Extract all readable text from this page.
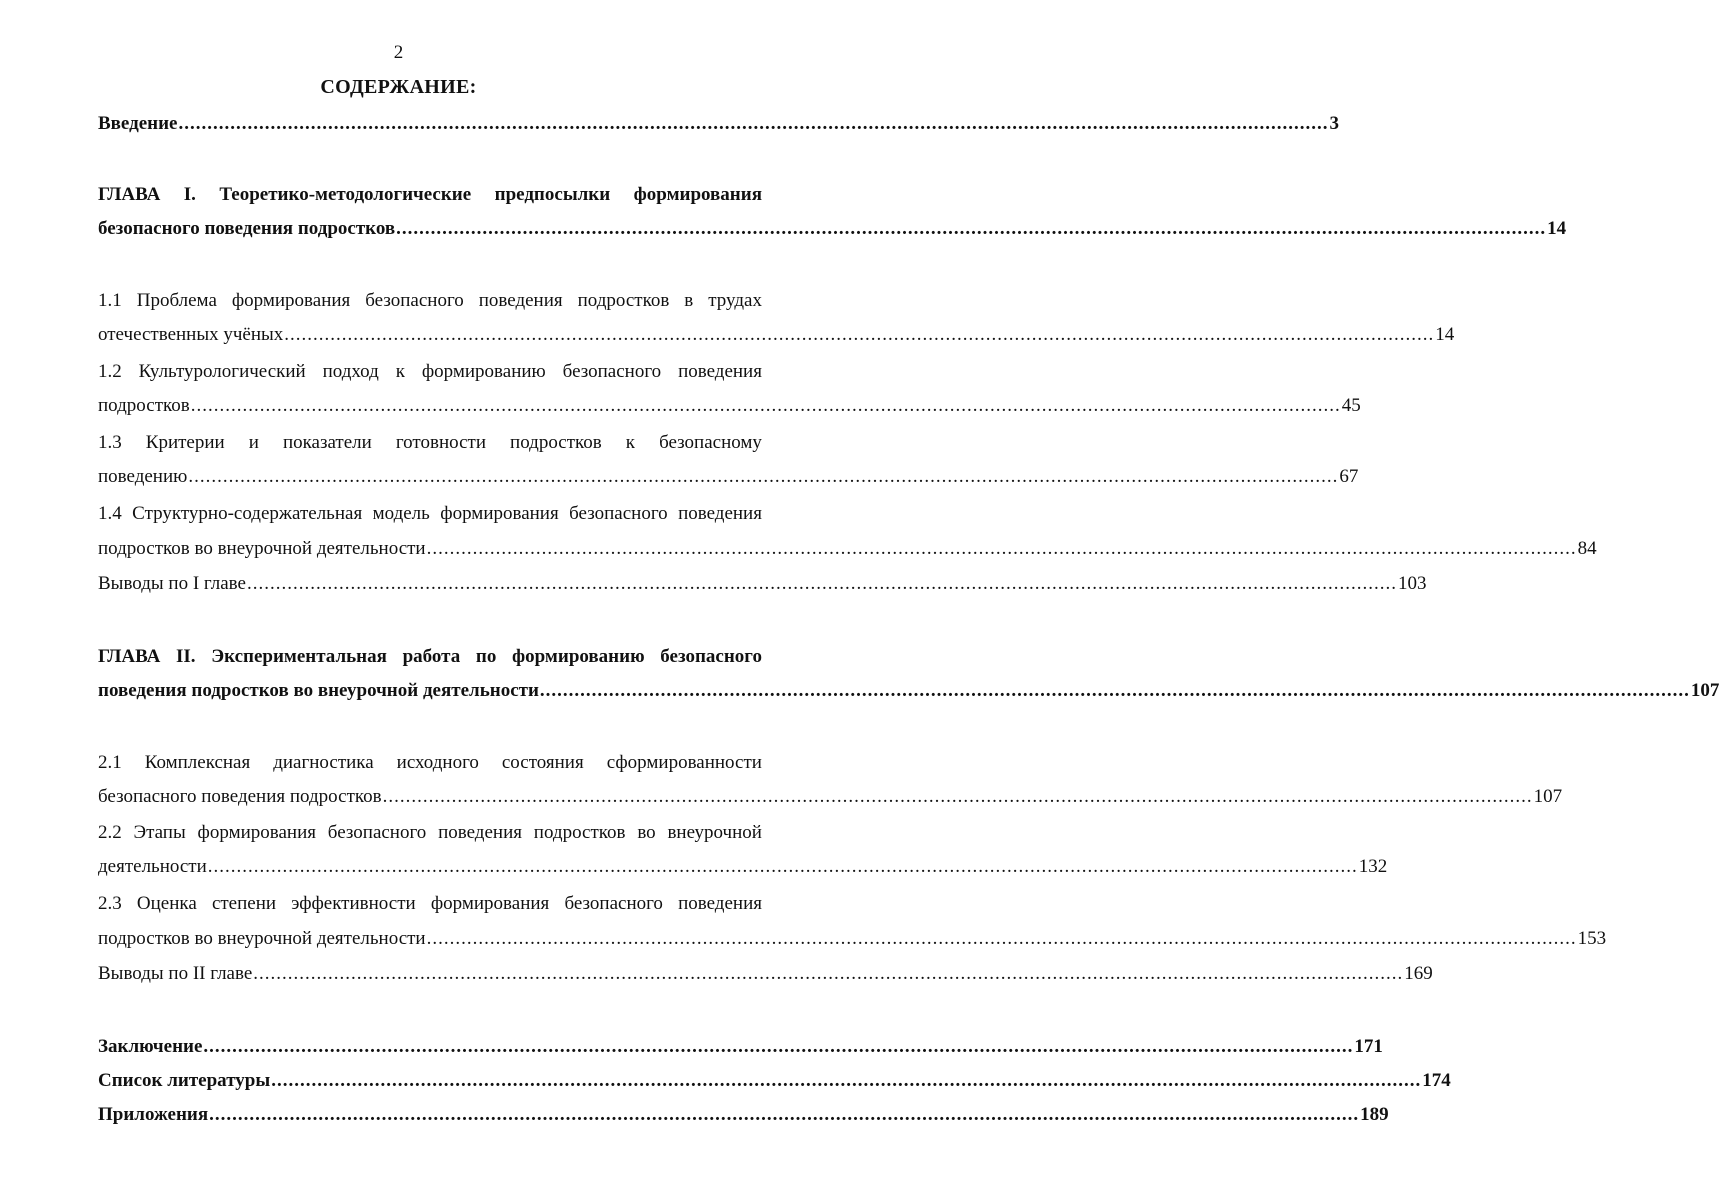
2
СОДЕРЖАНИЕ:
Введение ........................................................................................................................................................................................................ 3
ГЛАВА I. Теоретико-методологические предпосылки формирования
безопасного поведения подростков ........................................................................................................................................................................................................ 14
1.1 Проблема формирования безопасного поведения подростков в трудах
отечественных учёных ........................................................................................................................................................................................................ 14
1.2 Культурологический подход к формированию безопасного поведения
подростков ........................................................................................................................................................................................................ 45
1.3 Критерии и показатели готовности подростков к безопасному
поведению ........................................................................................................................................................................................................ 67
1.4 Структурно-содержательная модель формирования безопасного поведения
подростков во внеурочной деятельности ........................................................................................................................................................................................................ 84
Выводы по I главе ........................................................................................................................................................................................................ 103
ГЛАВА II. Экспериментальная работа по формированию безопасного
поведения подростков во внеурочной деятельности ........................................................................................................................................................................................................ 107
2.1 Комплексная диагностика исходного состояния сформированности
безопасного поведения подростков ........................................................................................................................................................................................................ 107
2.2 Этапы формирования безопасного поведения подростков во внеурочной
деятельности ........................................................................................................................................................................................................ 132
2.3 Оценка степени эффективности формирования безопасного поведения
подростков во внеурочной деятельности ........................................................................................................................................................................................................ 153
Выводы по II главе ........................................................................................................................................................................................................ 169
Заключение ........................................................................................................................................................................................................ 171
Список литературы ........................................................................................................................................................................................................ 174
Приложения ........................................................................................................................................................................................................ 189
